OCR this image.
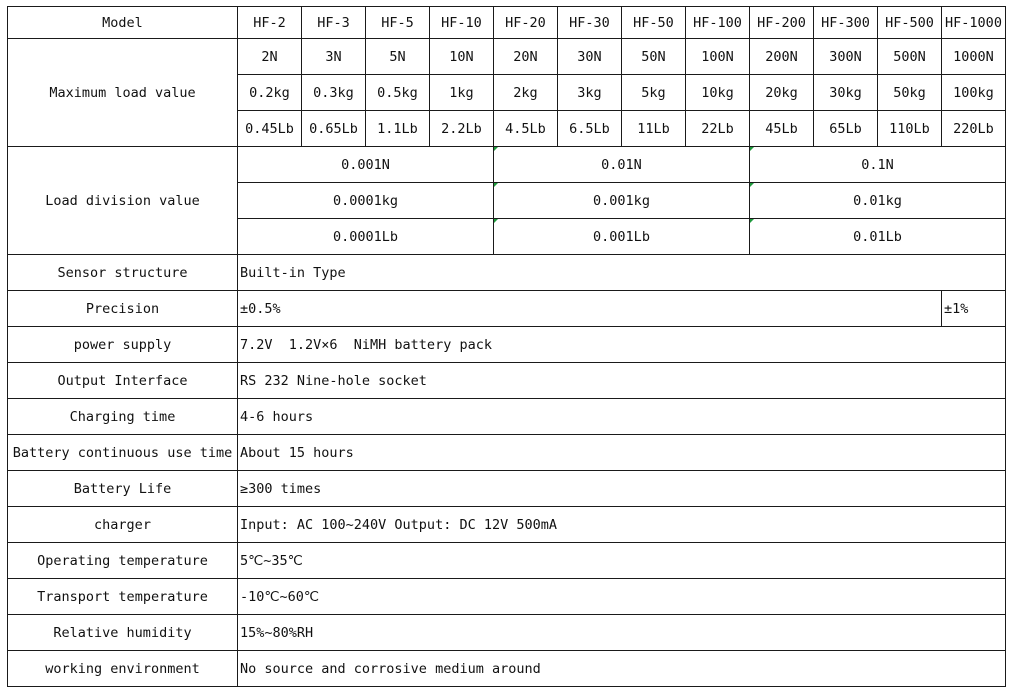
Model	HF-2	HF-3	HF-5	HF-10	HF-20	HF-30	HF-50	HF-100	HF-200	HF-300	HF-500	HF-1000
Maximum load value	2N	3N	5N	10N	20N	30N	50N	100N	200N	300N	500N	1000N
	0.2kg	0.3kg	0.5kg	1kg	2kg	3kg	5kg	10kg	20kg	30kg	50kg	100kg
	0.45Lb	0.65Lb	1.1Lb	2.2Lb	4.5Lb	6.5Lb	11Lb	22Lb	45Lb	65Lb	110Lb	220Lb
Load division value	0.001N				0.01N				0.1N			
	0.0001kg				0.001kg				0.01kg			
	0.0001Lb				0.001Lb				0.01Lb			
Sensor structure	Built-in Type											
Precision	±0.5%											±1%
power supply	7.2V  1.2V×6  NiMH battery pack											
Output Interface	RS 232 Nine-hole socket											
Charging time	4-6 hours											
Battery continuous use time	About 15 hours											
Battery Life	≥300 times											
charger	Input: AC 100~240V Output: DC 12V 500mA											
Operating temperature	5℃~35℃											
Transport temperature	-10℃~60℃											
Relative humidity	15%~80%RH											
working environment	No source and corrosive medium around											
